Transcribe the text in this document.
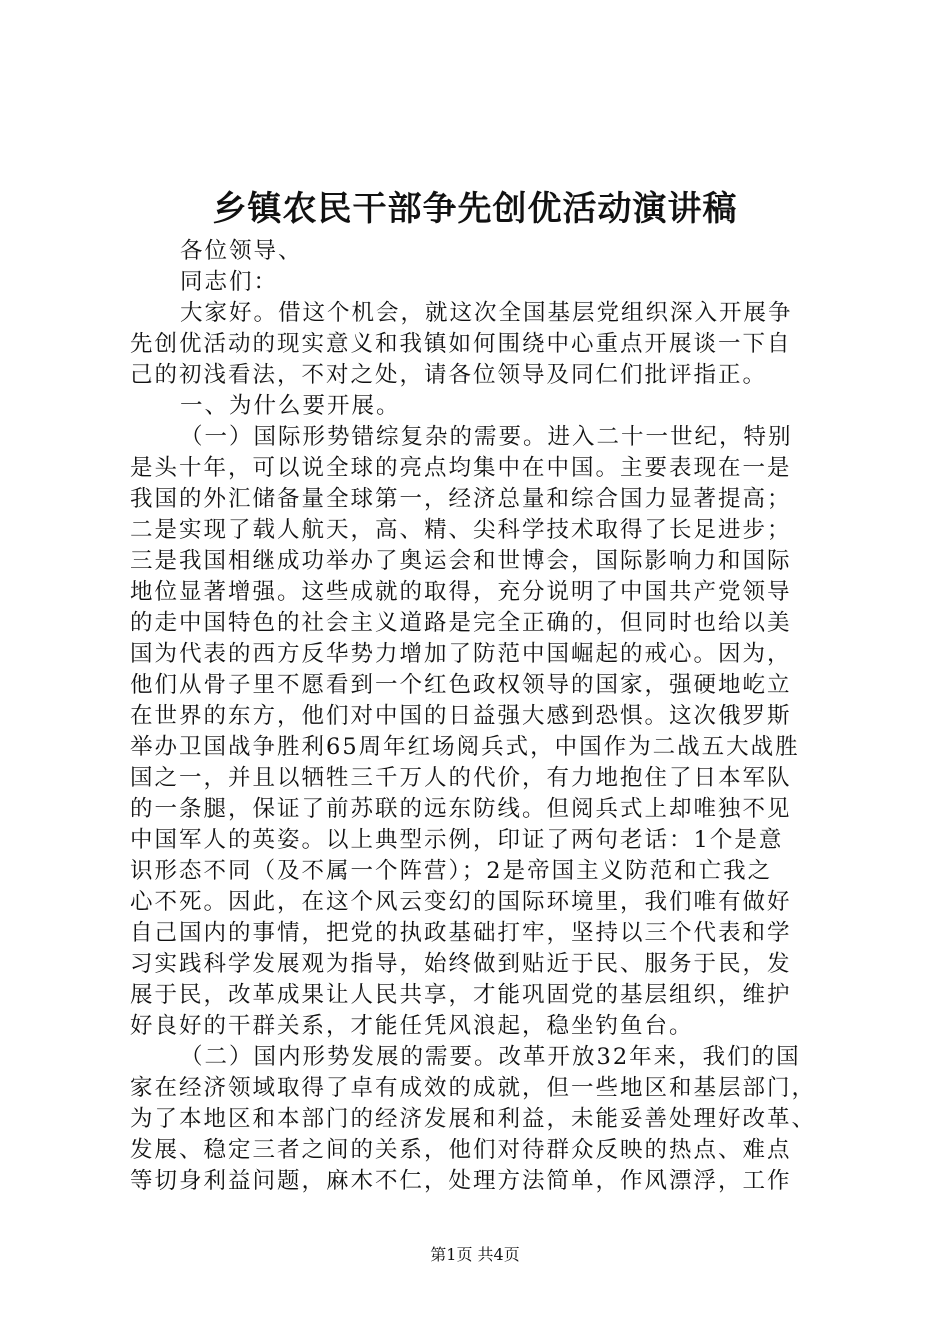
乡镇农民干部争先创优活动演讲稿
各位领导、
同志们：
大家好。借这个机会，就这次全国基层党组织深入开展争
先创优活动的现实意义和我镇如何围绕中心重点开展谈一下自
己的初浅看法，不对之处，请各位领导及同仁们批评指正。
一、为什么要开展。
（一）国际形势错综复杂的需要。进入二十一世纪，特别
是头十年，可以说全球的亮点均集中在中国。主要表现在一是
我国的外汇储备量全球第一，经济总量和综合国力显著提高；
二是实现了载人航天，高、精、尖科学技术取得了长足进步；
三是我国相继成功举办了奥运会和世博会，国际影响力和国际
地位显著增强。这些成就的取得，充分说明了中国共产党领导
的走中国特色的社会主义道路是完全正确的，但同时也给以美
国为代表的西方反华势力增加了防范中国崛起的戒心。因为，
他们从骨子里不愿看到一个红色政权领导的国家，强硬地屹立
在世界的东方，他们对中国的日益强大感到恐惧。这次俄罗斯
举办卫国战争胜利65周年红场阅兵式，中国作为二战五大战胜
国之一，并且以牺牲三千万人的代价，有力地抱住了日本军队
的一条腿，保证了前苏联的远东防线。但阅兵式上却唯独不见
中国军人的英姿。以上典型示例，印证了两句老话：1个是意
识形态不同（及不属一个阵营）；2是帝国主义防范和亡我之
心不死。因此，在这个风云变幻的国际环境里，我们唯有做好
自己国内的事情，把党的执政基础打牢，坚持以三个代表和学
习实践科学发展观为指导，始终做到贴近于民、服务于民，发
展于民，改革成果让人民共享，才能巩固党的基层组织，维护
好良好的干群关系，才能任凭风浪起，稳坐钓鱼台。
（二）国内形势发展的需要。改革开放32年来，我们的国
家在经济领域取得了卓有成效的成就，但一些地区和基层部门，
为了本地区和本部门的经济发展和利益，未能妥善处理好改革、
发展、稳定三者之间的关系，他们对待群众反映的热点、难点
等切身利益问题，麻木不仁，处理方法简单，作风漂浮，工作
第1页 共4页
